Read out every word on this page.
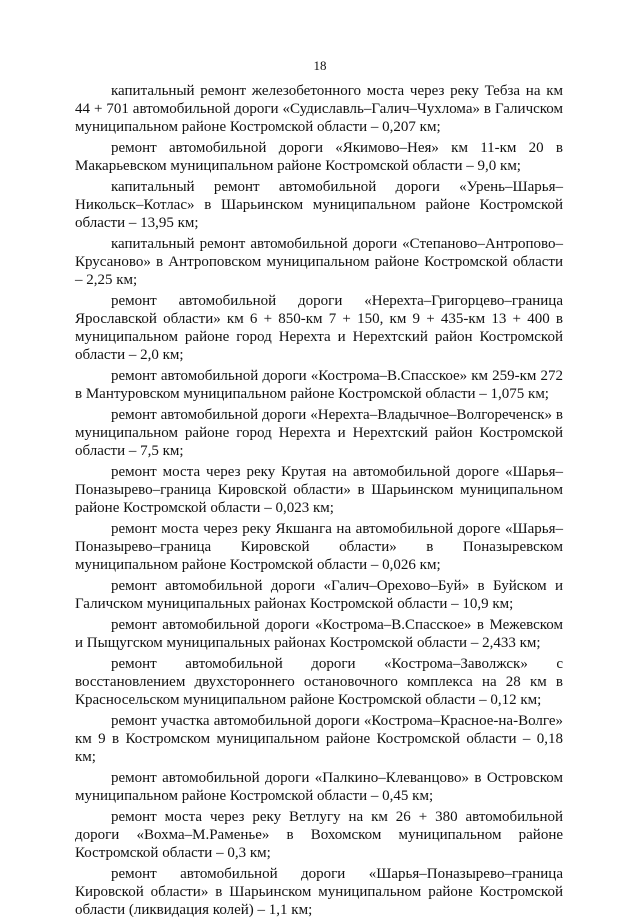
18

капитальный ремонт железобетонного моста через реку Тебза на км 44 + 701 автомобильной дороги «Судиславль–Галич–Чухлома» в Галичском муниципальном районе Костромской области – 0,207 км;

ремонт автомобильной дороги «Якимово–Нея» км 11-км 20 в Макарьевском муниципальном районе Костромской области – 9,0 км;

капитальный ремонт автомобильной дороги «Урень–Шарья–Никольск–Котлас» в Шарьинском муниципальном районе Костромской области – 13,95 км;

капитальный ремонт автомобильной дороги «Степаново–Антропово–Крусаново» в Антроповском муниципальном районе Костромской области – 2,25 км;

ремонт автомобильной дороги «Нерехта–Григорцево–граница Ярославской области» км 6 + 850-км 7 + 150, км 9 + 435-км 13 + 400 в муниципальном районе город Нерехта и Нерехтский район Костромской области – 2,0 км;

ремонт автомобильной дороги «Кострома–В.Спасское» км 259-км 272 в Мантуровском муниципальном районе Костромской области – 1,075 км;

ремонт автомобильной дороги «Нерехта–Владычное–Волгореченск» в муниципальном районе город Нерехта и Нерехтский район Костромской области – 7,5 км;

ремонт моста через реку Крутая на автомобильной дороге «Шарья–Поназырево–граница Кировской области» в Шарьинском муниципальном районе Костромской области – 0,023 км;

ремонт моста через реку Якшанга на автомобильной дороге «Шарья–Поназырево–граница Кировской области» в Поназыревском муниципальном районе Костромской области – 0,026 км;

ремонт автомобильной дороги «Галич–Орехово–Буй» в Буйском и Галичском муниципальных районах Костромской области – 10,9 км;

ремонт автомобильной дороги «Кострома–В.Спасское» в Межевском и Пыщугском муниципальных районах Костромской области – 2,433 км;

ремонт автомобильной дороги «Кострома–Заволжск» с восстановлением двухстороннего остановочного комплекса на 28 км в Красносельском муниципальном районе Костромской области – 0,12 км;

ремонт участка автомобильной дороги «Кострома–Красное-на-Волге» км 9 в Костромском муниципальном районе Костромской области – 0,18 км;

ремонт автомобильной дороги «Палкино–Клеванцово» в Островском муниципальном районе Костромской области – 0,45 км;

ремонт моста через реку Ветлугу на км 26 + 380 автомобильной дороги «Вохма–М.Раменье» в Вохомском муниципальном районе Костромской области – 0,3 км;

ремонт автомобильной дороги «Шарья–Поназырево–граница Кировской области» в Шарьинском муниципальном районе Костромской области (ликвидация колей) – 1,1 км;
